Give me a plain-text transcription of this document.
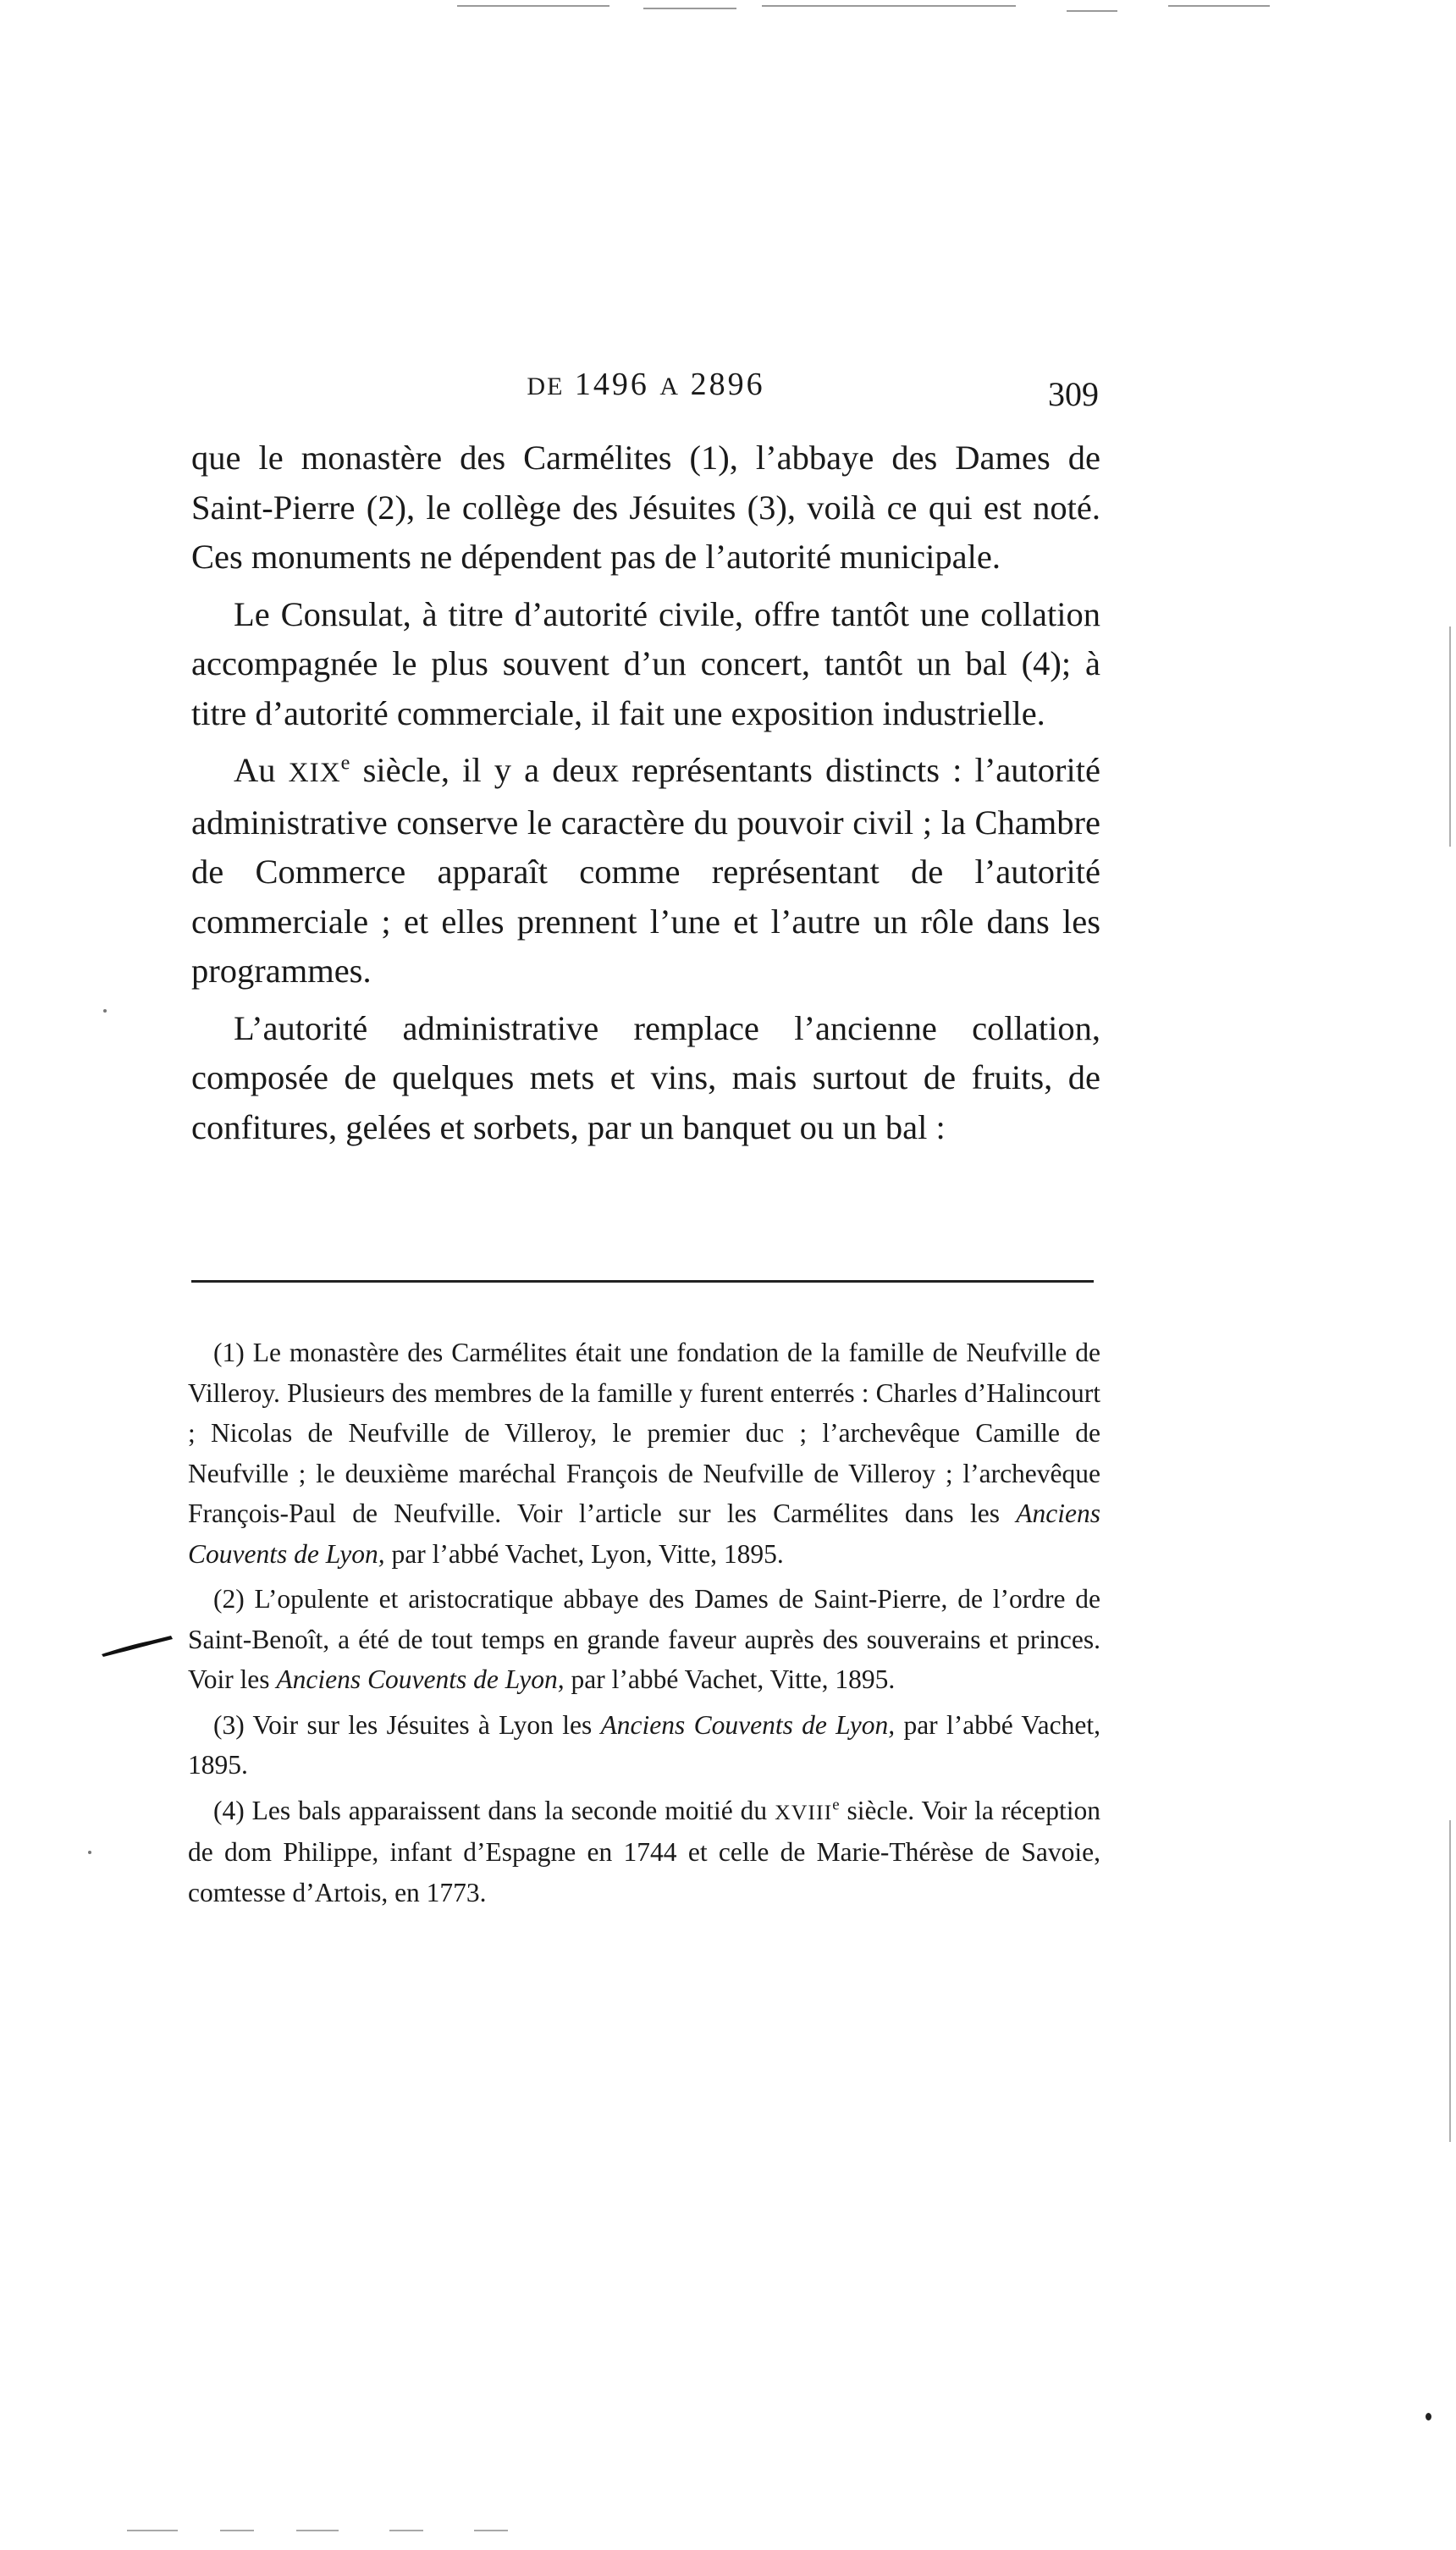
DE 1496 A 2896	309

que le monastère des Carmélites (1), l’abbaye des Dames de Saint-Pierre (2), le collège des Jésuites (3), voilà ce qui est noté. Ces monuments ne dépendent pas de l’autorité municipale.

Le Consulat, à titre d’autorité civile, offre tantôt une collation accompagnée le plus souvent d’un concert, tantôt un bal (4); à titre d’autorité commerciale, il fait une exposition industrielle.

Au XIXe siècle, il y a deux représentants distincts : l’autorité administrative conserve le caractère du pouvoir civil ; la Chambre de Commerce apparaît comme représentant de l’autorité commerciale ; et elles prennent l’une et l’autre un rôle dans les programmes.

L’autorité administrative remplace l’ancienne collation, composée de quelques mets et vins, mais surtout de fruits, de confitures, gelées et sorbets, par un banquet ou un bal :

(1) Le monastère des Carmélites était une fondation de la famille de Neufville de Villeroy. Plusieurs des membres de la famille y furent enterrés : Charles d’Halincourt ; Nicolas de Neufville de Villeroy, le premier duc ; l’archevêque Camille de Neufville ; le deuxième maréchal François de Neufville de Villeroy ; l’archevêque François-Paul de Neufville. Voir l’article sur les Carmélites dans les Anciens Couvents de Lyon, par l’abbé Vachet, Lyon, Vitte, 1895.

(2) L’opulente et aristocratique abbaye des Dames de Saint-Pierre, de l’ordre de Saint-Benoît, a été de tout temps en grande faveur auprès des souverains et princes. Voir les Anciens Couvents de Lyon, par l’abbé Vachet, Vitte, 1895.

(3) Voir sur les Jésuites à Lyon les Anciens Couvents de Lyon, par l’abbé Vachet, 1895.

(4) Les bals apparaissent dans la seconde moitié du XVIIIe siècle. Voir la réception de dom Philippe, infant d’Espagne en 1744 et celle de Marie-Thérèse de Savoie, comtesse d’Artois, en 1773.
